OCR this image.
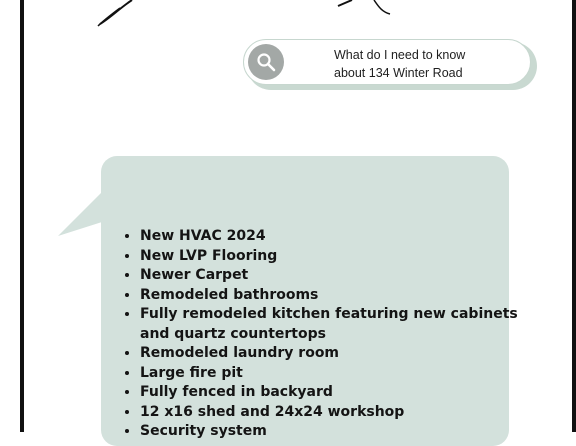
What do I need to know
about 134 Winter Road
• New HVAC 2024
• New LVP Flooring
• Newer Carpet
• Remodeled bathrooms
• Fully remodeled kitchen featuring new cabinets and quartz countertops
• Remodeled laundry room
• Large fire pit
• Fully fenced in backyard
• 12 x16 shed and 24x24 workshop
• Security system
